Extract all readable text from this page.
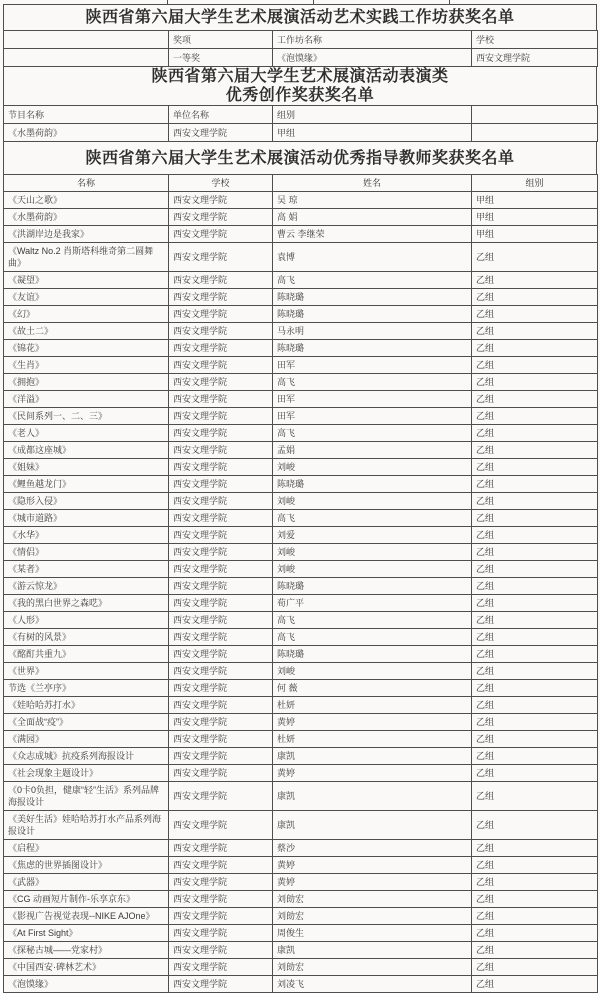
陕西省第六届大学生艺术展演活动艺术实践工作坊获奖名单
	奖项	工作坊名称	学校
	一等奖	《泡馍缘》	西安文理学院
陕西省第六届大学生艺术展演活动表演类
优秀创作奖获奖名单
节目名称	单位名称	组别	
《水墨荷韵》	西安文理学院	甲组	
陕西省第六届大学生艺术展演活动优秀指导教师奖获奖名单
名称	学校	姓名	组别
《天山之歌》	西安文理学院	吴 琼	甲组
《水墨荷韵》	西安文理学院	高 娟	甲组
《洪湖岸边是我家》	西安文理学院	曹云 李继荣	甲组
《Waltz No.2 肖斯塔科维奇第二圆舞曲》	西安文理学院	袁博	乙组
《凝望》	西安文理学院	高飞	乙组
《友谊》	西安文理学院	陈晓璐	乙组
《幻》	西安文理学院	陈晓璐	乙组
《故土二》	西安文理学院	马永明	乙组
《锦花》	西安文理学院	陈晓璐	乙组
《生肖》	西安文理学院	田军	乙组
《拥抱》	西安文理学院	高飞	乙组
《洋溢》	西安文理学院	田军	乙组
《民间系列一、二、三》	西安文理学院	田军	乙组
《老人》	西安文理学院	高飞	乙组
《成都这座城》	西安文理学院	孟娟	乙组
《姐妹》	西安文理学院	刘峻	乙组
《鲤鱼越龙门》	西安文理学院	陈晓璐	乙组
《隐形入侵》	西安文理学院	刘峻	乙组
《城市道路》	西安文理学院	高飞	乙组
《水华》	西安文理学院	刘爱	乙组
《情侣》	西安文理学院	刘峻	乙组
《某者》	西安文理学院	刘峻	乙组
《游云惊龙》	西安文理学院	陈晓璐	乙组
《我的黑白世界之森呓》	西安文理学院	荀广平	乙组
《人形》	西安文理学院	高飞	乙组
《有树的风景》	西安文理学院	高飞	乙组
《酩酊共重九》	西安文理学院	陈晓璐	乙组
《世界》	西安文理学院	刘峻	乙组
节选《兰亭序》	西安文理学院	何 薇	乙组
《娃哈哈苏打水》	西安文理学院	杜妍	乙组
《全面战“疫”》	西安文理学院	黄婷	乙组
《满园》	西安文理学院	杜妍	乙组
《众志成城》抗疫系列海报设计	西安文理学院	康凯	乙组
《社会现象主题设计》	西安文理学院	黄婷	乙组
《0卡0负担，健康“轻”生活》系列品牌海报设计	西安文理学院	康凯	乙组
《美好生活》娃哈哈苏打水产品系列海报设计	西安文理学院	康凯	乙组
《启程》	西安文理学院	蔡沙	乙组
《焦虑的世界插图设计》	西安文理学院	黄婷	乙组
《武器》	西安文理学院	黄婷	乙组
《CG 动画短片制作-乐享京东》	西安文理学院	刘勆宏	乙组
《影视广告视觉表现--NIKE AJOne》	西安文理学院	刘勆宏	乙组
《At First Sight》	西安文理学院	周俊生	乙组
《探秘古城——党家村》	西安文理学院	康凯	乙组
《中国西安·碑林艺术》	西安文理学院	刘勆宏	乙组
《泡馍缘》	西安文理学院	刘凌飞	乙组
